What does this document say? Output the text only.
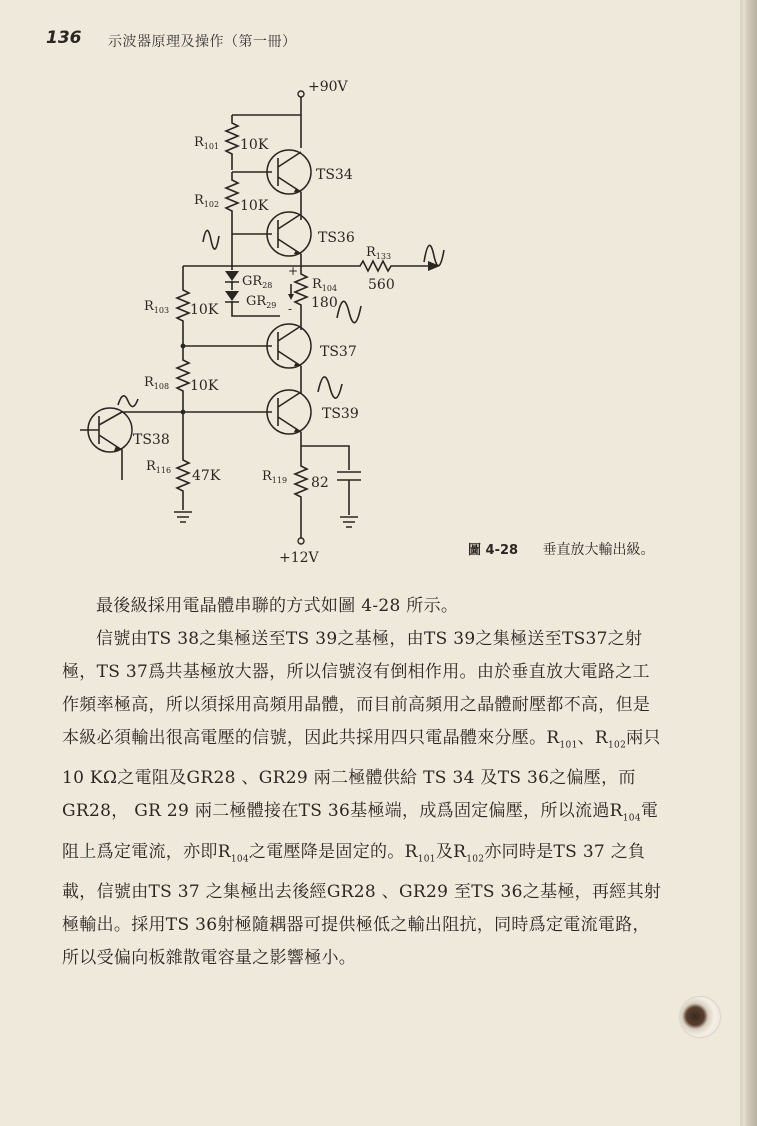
136 示波器原理及操作（第一冊）
+90V
$R_{101}$ 10K
TS34
$R_{102}$ 10K
TS36
$R_{133}$
560
$GR_{28}$
$GR_{29}$
+
-
$R_{104}$
180
$R_{103}$ 10K
TS37
$R_{108}$ 10K
TS39
TS38
$R_{116}$ 47K	$R_{119}$ 82
+12V	圖 4-28 垂直放大輸出級。

最後級採用電晶體串聯的方式如圖 4-28 所示。

信號由TS 38之集極送至TS 39之基極，由TS 39之集極送至TS37之射極，TS 37爲共基極放大器，所以信號沒有倒相作用。由於垂直放大電路之工作頻率極高，所以須採用高頻用晶體，而目前高頻用之晶體耐壓都不高，但是本級必須輸出很高電壓的信號，因此共採用四只電晶體來分壓。$R_{101}$、$R_{102}$兩只 10 KΩ之電阻及GR28 、GR29 兩二極體供給 TS 34 及TS 36之偏壓，而GR28， GR 29 兩二極體接在TS 36基極端，成爲固定偏壓，所以流過$R_{104}$電阻上爲定電流，亦即$R_{104}$之電壓降是固定的。$R_{101}$及$R_{102}$亦同時是TS 37 之負載，信號由TS 37 之集極出去後經GR28 、GR29 至TS 36之基極，再經其射極輸出。採用TS 36射極隨耦器可提供極低之輸出阻抗，同時爲定電流電路，所以受偏向板雜散電容量之影響極小。
